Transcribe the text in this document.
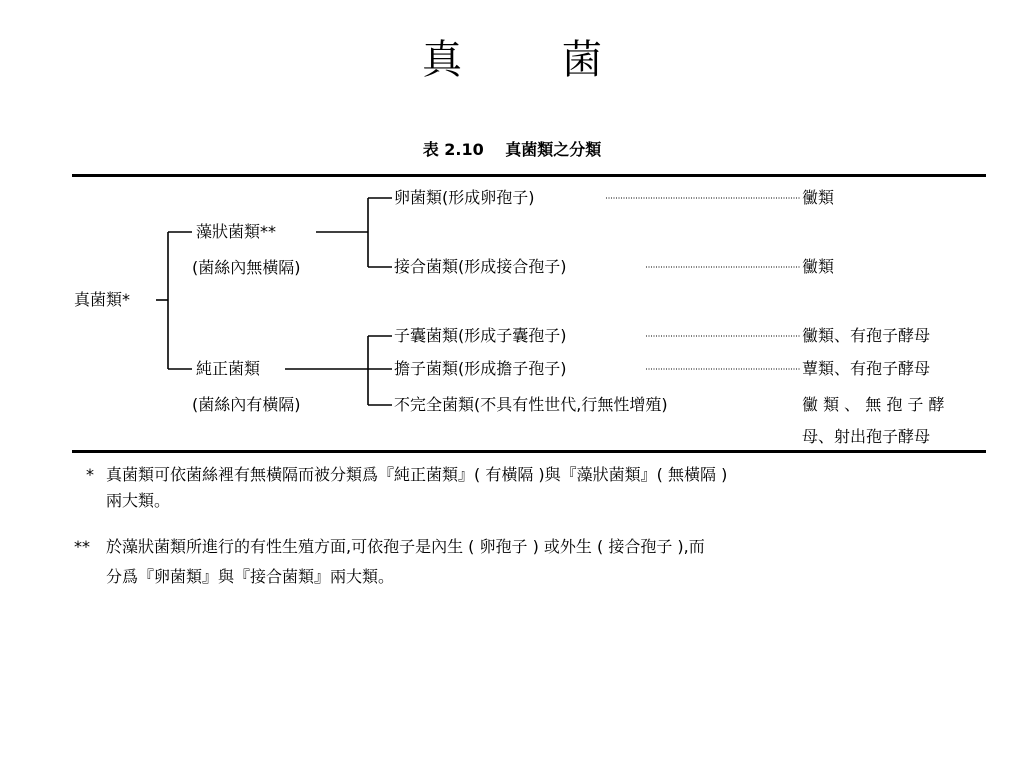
真　菌
表 2.10　 真菌類之分類
真菌類*
藻狀菌類**
(菌絲內無橫隔)
純正菌類
(菌絲內有橫隔)
卵菌類(形成卵孢子)
接合菌類(形成接合孢子)
子囊菌類(形成子囊孢子)
擔子菌類(形成擔子孢子)
不完全菌類(不具有性世代,行無性增殖)
黴類
黴類
黴類、有孢子酵母
蕈類、有孢子酵母
黴 類 、 無 孢 子 酵
母、射出孢子酵母
* 真菌類可依菌絲裡有無橫隔而被分類爲『純正菌類』( 有橫隔 )與『藻狀菌類』( 無橫隔 )
兩大類。
** 於藻狀菌類所進行的有性生殖方面,可依孢子是內生 ( 卵孢子 ) 或外生 ( 接合孢子 ),而
分爲『卵菌類』與『接合菌類』兩大類。
